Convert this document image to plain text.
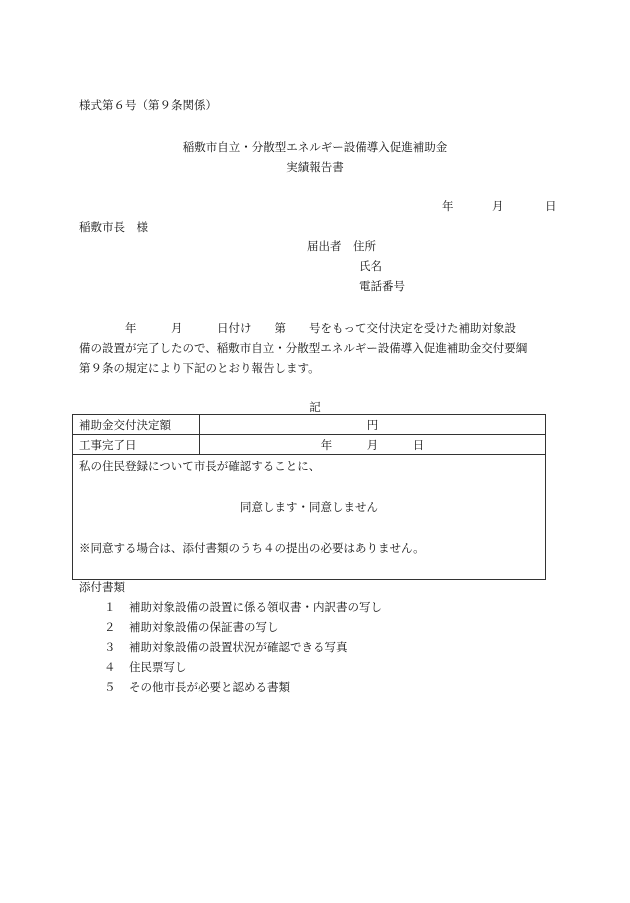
様式第６号（第９条関係）
稲敷市自立・分散型エネルギー設備導入促進補助金
実績報告書
年	月	日
稲敷市長　様
届出者　住所
氏名
電話番号

　　　　年　　　月　　　日付け　　第　　号をもって交付決定を受けた補助対象設

備の設置が完了したので、稲敷市自立・分散型エネルギー設備導入促進補助金交付要綱

第９条の規定により下記のとおり報告します。

記
補助金交付決定額	円
工事完了日	年　　　月　　　日

私の住民登録について市長が確認することに、
同意します・同意しません
※同意する場合は、添付書類のうち４の提出の必要はありません。	
添付書類
１ 補助対象設備の設置に係る領収書・内訳書の写し
２ 補助対象設備の保証書の写し
３ 補助対象設備の設置状況が確認できる写真
４ 住民票写し
５ その他市長が必要と認める書類
